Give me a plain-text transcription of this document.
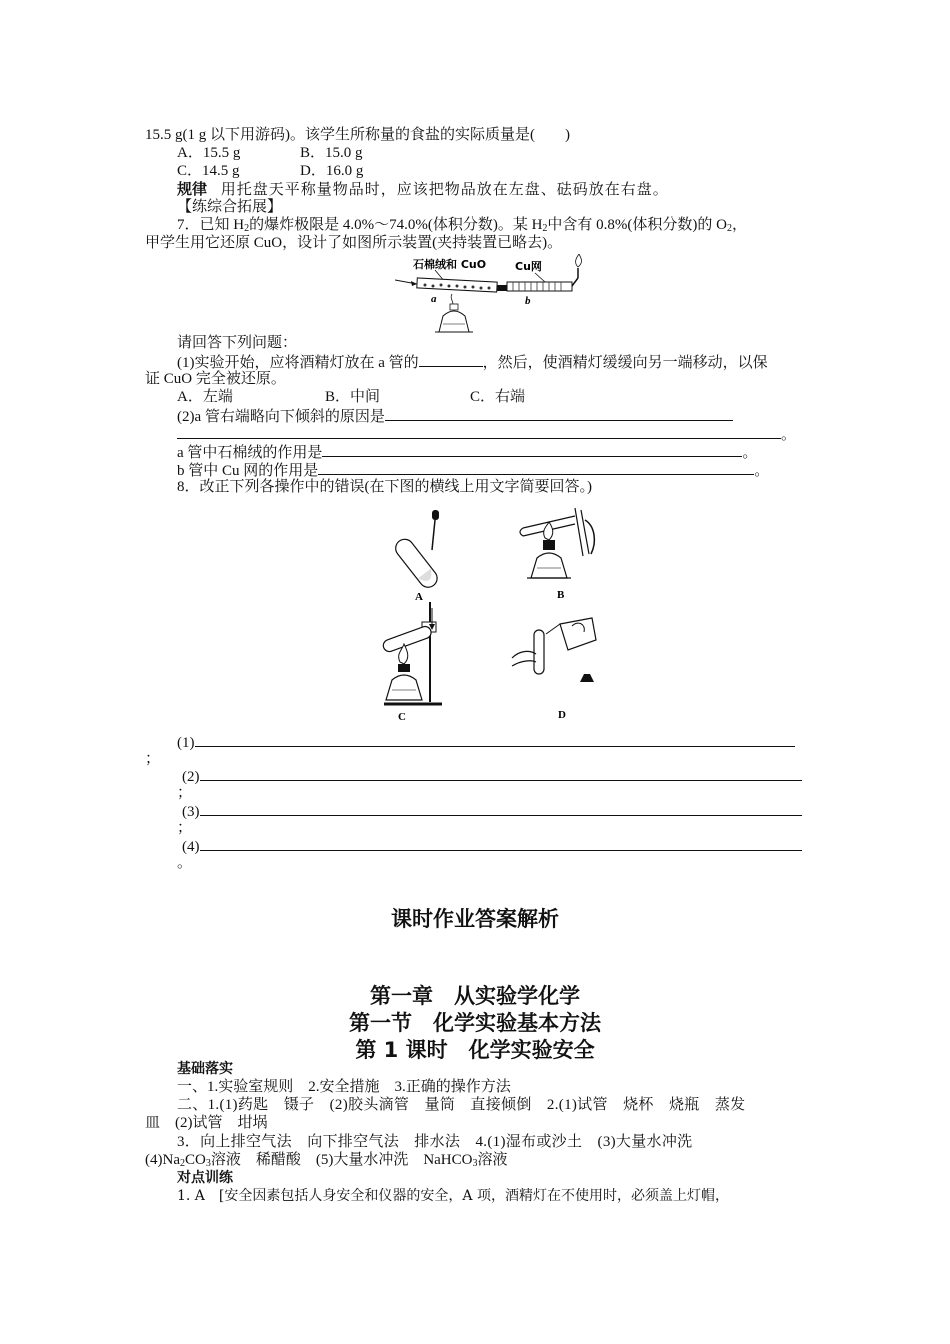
15.5 g(1 g 以下用游码)。该学生所称量的食盐的实际质量是(　　)
A．15.5 g	B．15.0 g
C．14.5 g	D．16.0 g
规律 用托盘天平称量物品时，应该把物品放在左盘、砝码放在右盘。
【练综合拓展】
7．已知 $H_2$的爆炸极限是 4.0%～74.0%(体积分数)。某 $H_2$中含有 0.8%(体积分数)的 $O_2$，
甲学生用它还原 CuO，设计了如图所示装置(夹持装置已略去)。
石棉绒和 CuO	Cu网
a	b
请回答下列问题：
(1)实验开始，应将酒精灯放在 a 管的	，然后，使酒精灯缓缓向另一端移动，以保
证 CuO 完全被还原。
A．左端	B．中间	C．右端
(2)a 管右端略向下倾斜的原因是
。
a 管中石棉绒的作用是	。
b 管中 Cu 网的作用是	。
8．改正下列各操作中的错误(在下图的横线上用文字简要回答。)
A	B
C	D
(1)
；
(2)
；
(3)
；
(4)
。
课时作业答案解析
第一章　从实验学化学
第一节　化学实验基本方法
第 1 课时　化学实验安全
基础落实
一、1.实验室规则　2.安全措施　3.正确的操作方法
二、1.(1)药匙　镊子　(2)胶头滴管　量筒　直接倾倒　2.(1)试管　烧杯　烧瓶　蒸发
皿　(2)试管　坩埚
3．向上排空气法　向下排空气法　排水法　4.(1)湿布或沙土　(3)大量水冲洗
$(4)Na_2CO_3$溶液　稀醋酸　(5)大量水冲洗　NaHCO$_3$溶液
对点训练
1. A　[安全因素包括人身安全和仪器的安全，A 项，酒精灯在不使用时，必须盖上灯帽，
